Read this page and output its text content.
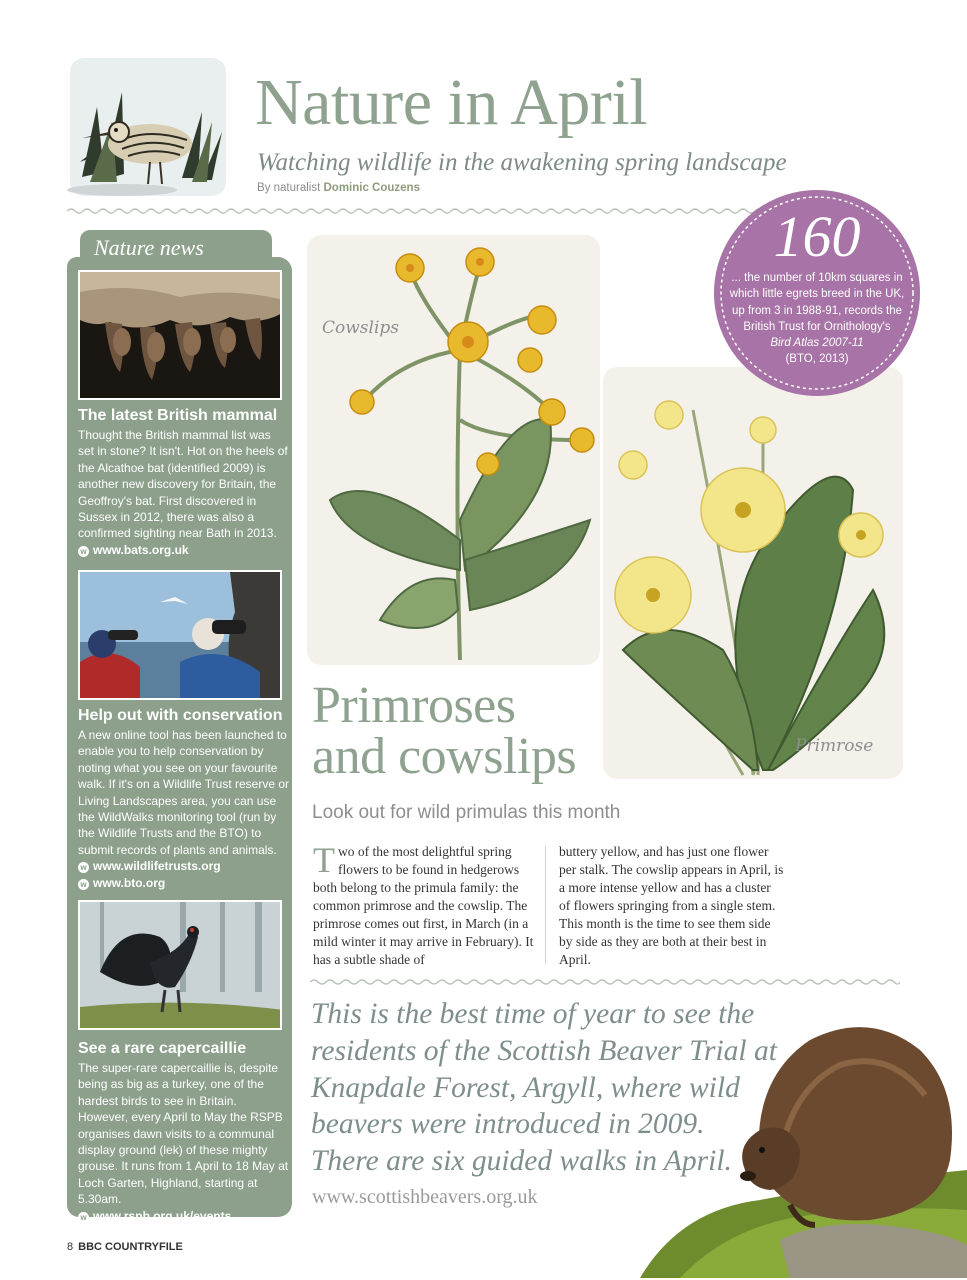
Nature in April
Watching wildlife in the awakening spring landscape
By naturalist Dominic Couzens
Nature news
The latest British mammal
Thought the British mammal list was set in stone? It isn't. Hot on the heels of the Alcathoe bat (identified 2009) is another new discovery for Britain, the Geoffroy's bat. First discovered in Sussex in 2012, there was also a confirmed sighting near Bath in 2013.
w www.bats.org.uk
Help out with conservation
A new online tool has been launched to enable you to help conservation by noting what you see on your favourite walk. If it's on a Wildlife Trust reserve or Living Landscapes area, you can use the WildWalks monitoring tool (run by the Wildlife Trusts and the BTO) to submit records of plants and animals.
w www.wildlifetrusts.org
w www.bto.org
See a rare capercaillie
The super-rare capercaillie is, despite being as big as a turkey, one of the hardest birds to see in Britain. However, every April to May the RSPB organises dawn visits to a communal display ground (lek) of these mighty grouse. It runs from 1 April to 18 May at Loch Garten, Highland, starting at 5.30am.
w www.rspb.org.uk/events
Cowslips
Primrose
160
... the number of 10km squares in which little egrets breed in the UK, up from 3 in 1988-91, records the British Trust for Ornithology's
Bird Atlas 2007-11
(BTO, 2013)
Primroses
and cowslips
Look out for wild primulas this month
Two of the most delightful spring flowers to be found in hedgerows both belong to the primula family: the common primrose and the cowslip. The primrose comes out first, in March (in a mild winter it may arrive in February). It has a subtle shade of
buttery yellow, and has just one flower per stalk. The cowslip appears in April, is a more intense yellow and has a cluster of flowers springing from a single stem. This month is the time to see them side by side as they are both at their best in April.
This is the best time of year to see the
residents of the Scottish Beaver Trial at
Knapdale Forest, Argyll, where wild
beavers were introduced in 2009.
There are six guided walks in April.
www.scottishbeavers.org.uk
8 BBC COUNTRYFILE
